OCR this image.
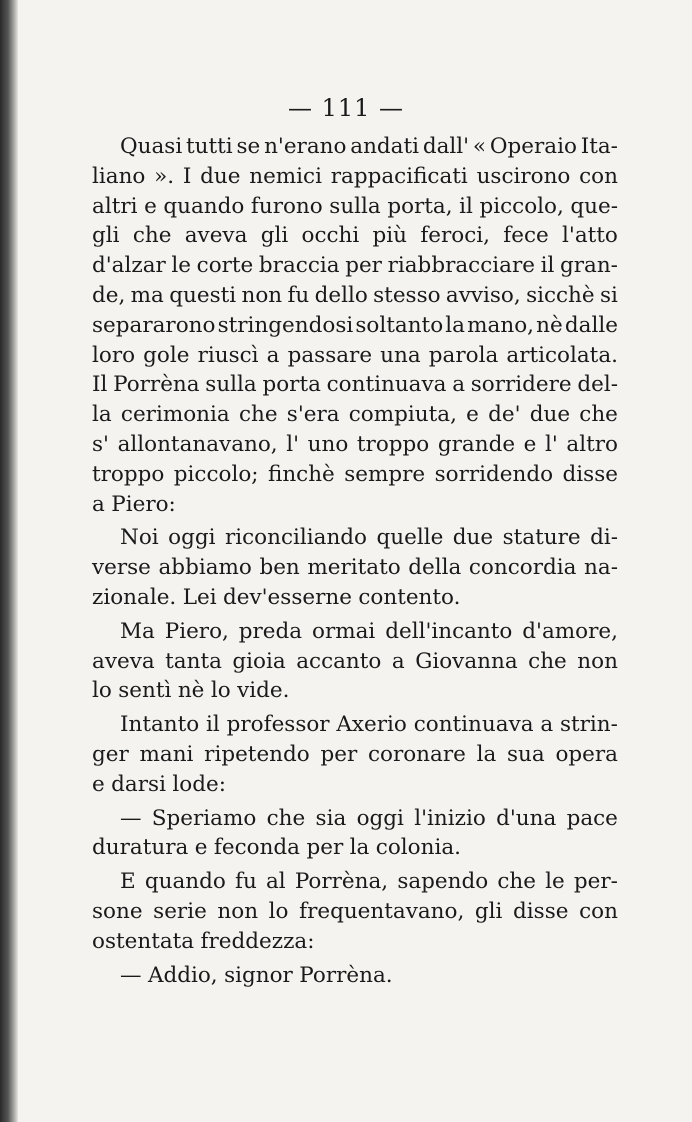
— 111 —
Quasi tutti se n'erano andati dall' « Operaio Ita-
liano ». I due nemici rappacificati uscirono con
altri e quando furono sulla porta, il piccolo, que-
gli che aveva gli occhi più feroci, fece l'atto
d'alzar le corte braccia per riabbracciare il gran-
de, ma questi non fu dello stesso avviso, sicchè si
separarono stringendosi soltanto la mano, nè dalle
loro gole riuscì a passare una parola articolata.
Il Porrèna sulla porta continuava a sorridere del-
la cerimonia che s'era compiuta, e de' due che
s' allontanavano, l' uno troppo grande e l' altro
troppo piccolo; finchè sempre sorridendo disse
a Piero:
Noi oggi riconciliando quelle due stature di-
verse abbiamo ben meritato della concordia na-
zionale. Lei dev'esserne contento.
Ma Piero, preda ormai dell'incanto d'amore,
aveva tanta gioia accanto a Giovanna che non
lo sentì nè lo vide.
Intanto il professor Axerio continuava a strin-
ger mani ripetendo per coronare la sua opera
e darsi lode:
— Speriamo che sia oggi l'inizio d'una pace
duratura e feconda per la colonia.
E quando fu al Porrèna, sapendo che le per-
sone serie non lo frequentavano, gli disse con
ostentata freddezza:
— Addio, signor Porrèna.
